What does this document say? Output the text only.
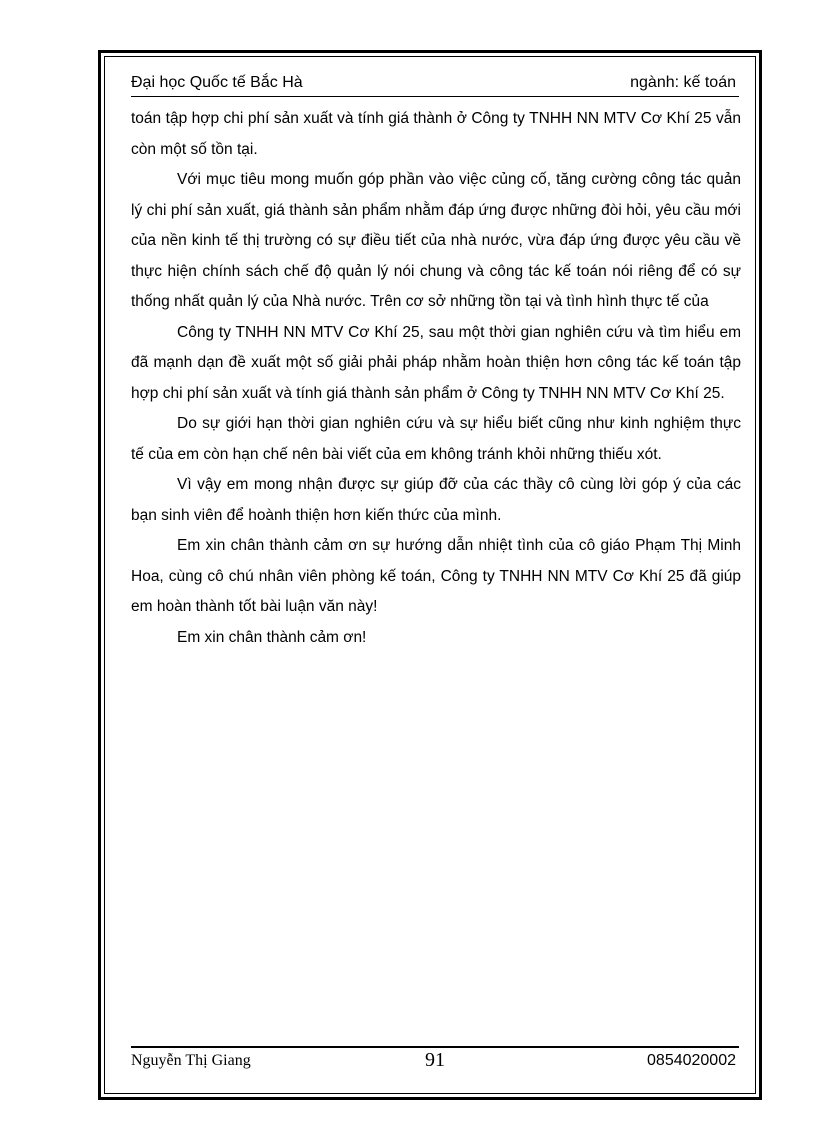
Đại học Quốc tế Bắc Hà	ngành: kế toán

toán tập hợp chi phí sản xuất và tính giá thành ở Công ty TNHH NN MTV Cơ Khí 25 vẫn còn một số tồn tại.

Với mục tiêu mong muốn góp phần vào việc củng cố, tăng cường công tác quản lý chi phí sản xuất, giá thành sản phẩm nhằm đáp ứng được những đòi hỏi, yêu cầu mới của nền kinh tế thị trường có sự điều tiết của nhà nước, vừa đáp ứng được yêu cầu về thực hiện chính sách chế độ quản lý nói chung và công tác kế toán nói riêng để có sự thống nhất quản lý của Nhà nước. Trên cơ sở những tồn tại và tình hình thực tế của

Công ty TNHH NN MTV Cơ Khí 25, sau một thời gian nghiên cứu và tìm hiểu em đã mạnh dạn đề xuất một số giải phải pháp nhằm hoàn thiện hơn công tác kế toán tập hợp chi phí sản xuất và tính giá thành sản phẩm ở Công ty TNHH NN MTV Cơ Khí 25.

Do sự giới hạn thời gian nghiên cứu và sự hiểu biết cũng như kinh nghiệm thực tế của em còn hạn chế nên bài viết của em không tránh khỏi những thiếu xót.

Vì vậy em mong nhận được sự giúp đỡ của các thầy cô cùng lời góp ý của các bạn sinh viên để hoành thiện hơn kiến thức của mình.

Em xin chân thành cảm ơn sự hướng dẫn nhiệt tình của cô giáo Phạm Thị Minh Hoa, cùng cô chú nhân viên phòng kế toán, Công ty TNHH NN MTV Cơ Khí 25 đã giúp em hoàn thành tốt bài luận văn này!

Em xin chân thành cảm ơn!

Nguyễn Thị Giang	91	0854020002
